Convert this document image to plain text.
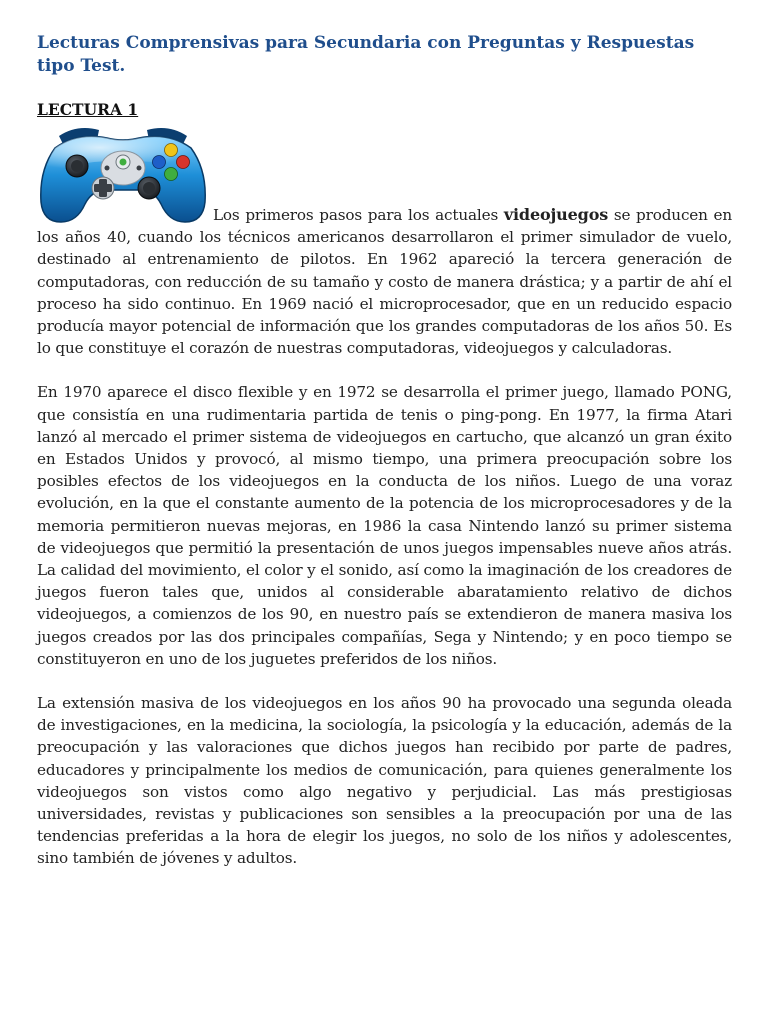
Lecturas Comprensivas para Secundaria con Preguntas y Respuestas tipo Test.
LECTURA 1

Los primeros pasos para los actuales videojuegos se producen en los años 40, cuando los técnicos americanos desarrollaron el primer simulador de vuelo, destinado al entrenamiento de pilotos. En 1962 apareció la tercera generación de computadoras, con reducción de su tamaño y costo de manera drástica; y a partir de ahí el proceso ha sido continuo. En 1969 nació el microprocesador, que en un reducido espacio producía mayor potencial de información que los grandes computadoras de los años 50. Es lo que constituye el corazón de nuestras computadoras, videojuegos y calculadoras.

En 1970 aparece el disco flexible y en 1972 se desarrolla el primer juego, llamado PONG, que consistía en una rudimentaria partida de tenis o ping-pong. En 1977, la firma Atari lanzó al mercado el primer sistema de videojuegos en cartucho, que alcanzó un gran éxito en Estados Unidos y provocó, al mismo tiempo, una primera preocupación sobre los posibles efectos de los videojuegos en la conducta de los niños. Luego de una voraz evolución, en la que el constante aumento de la potencia de los microprocesadores y de la memoria permitieron nuevas mejoras, en 1986 la casa Nintendo lanzó su primer sistema de videojuegos que permitió la presentación de unos juegos impensables nueve años atrás. La calidad del movimiento, el color y el sonido, así como la imaginación de los creadores de juegos fueron tales que, unidos al considerable abaratamiento relativo de dichos videojuegos, a comienzos de los 90, en nuestro país se extendieron de manera masiva los juegos creados por las dos principales compañías, Sega y Nintendo; y en poco tiempo se constituyeron en uno de los juguetes preferidos de los niños.

La extensión masiva de los videojuegos en los años 90 ha provocado una segunda oleada de investigaciones, en la medicina, la sociología, la psicología y la educación, además de la preocupación y las valoraciones que dichos juegos han recibido por parte de padres, educadores y principalmente los medios de comunicación, para quienes generalmente los videojuegos son vistos como algo negativo y perjudicial. Las más prestigiosas universidades, revistas y publicaciones son sensibles a la preocupación por una de las tendencias preferidas a la hora de elegir los juegos, no solo de los niños y adolescentes, sino también de jóvenes y adultos.
